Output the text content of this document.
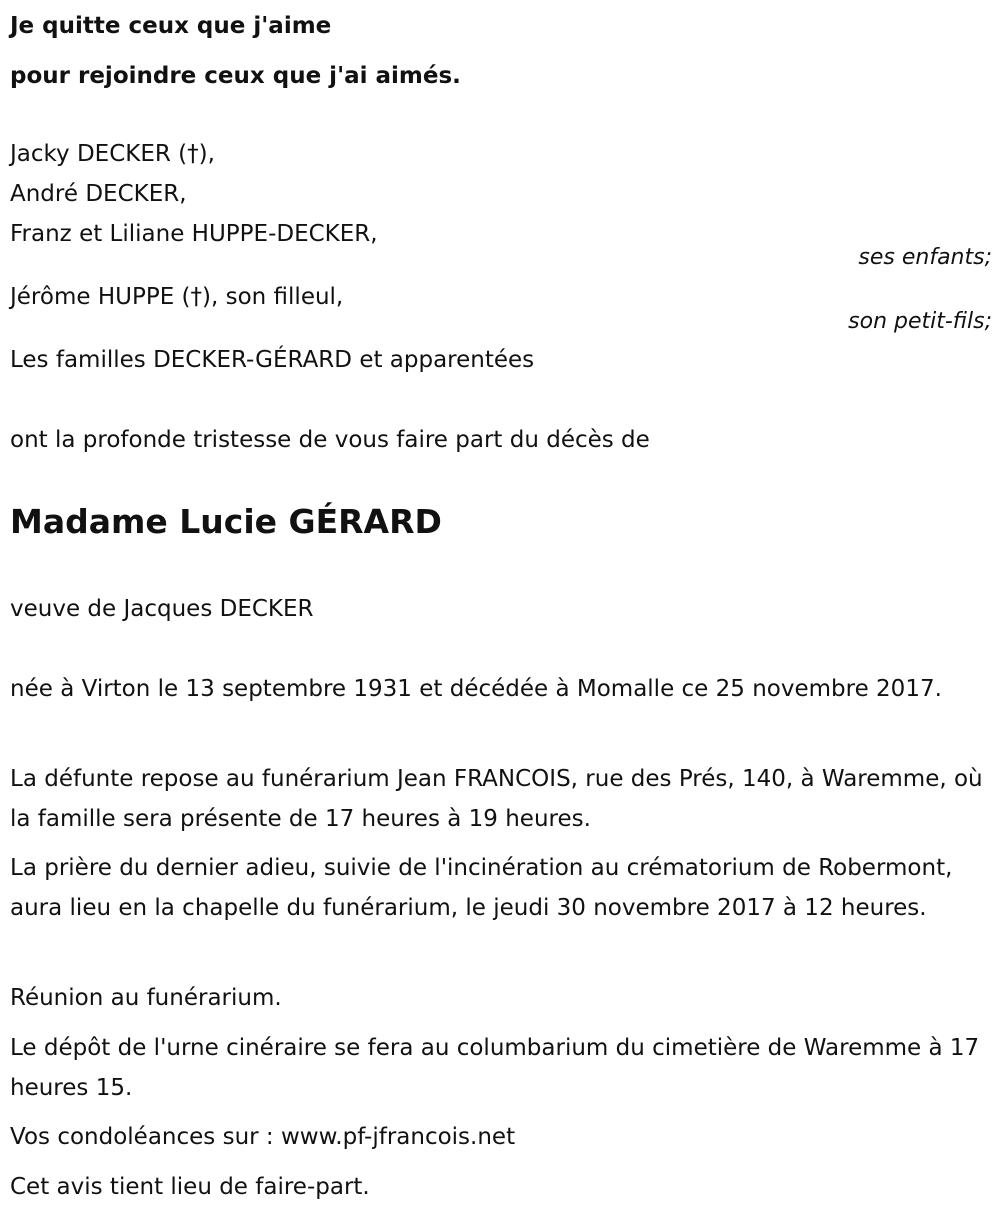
Je quitte ceux que j'aime
pour rejoindre ceux que j'ai aimés.
Jacky DECKER (†),
André DECKER,
Franz et Liliane HUPPE-DECKER,
ses enfants;
Jérôme HUPPE (†), son filleul,
son petit-fils;
Les familles DECKER-GÉRARD et apparentées
ont la profonde tristesse de vous faire part du décès de
Madame Lucie GÉRARD
veuve de Jacques DECKER
née à Virton le 13 septembre 1931 et décédée à Momalle ce 25 novembre 2017.
La défunte repose au funérarium Jean FRANCOIS, rue des Prés, 140, à Waremme, où la famille sera présente de 17 heures à 19 heures.
La prière du dernier adieu, suivie de l'incinération au crématorium de Robermont, aura lieu en la chapelle du funérarium, le jeudi 30 novembre 2017 à 12 heures.
Réunion au funérarium.
Le dépôt de l'urne cinéraire se fera au columbarium du cimetière de Waremme à 17 heures 15.
Vos condoléances sur : www.pf-jfrancois.net
Cet avis tient lieu de faire-part.
